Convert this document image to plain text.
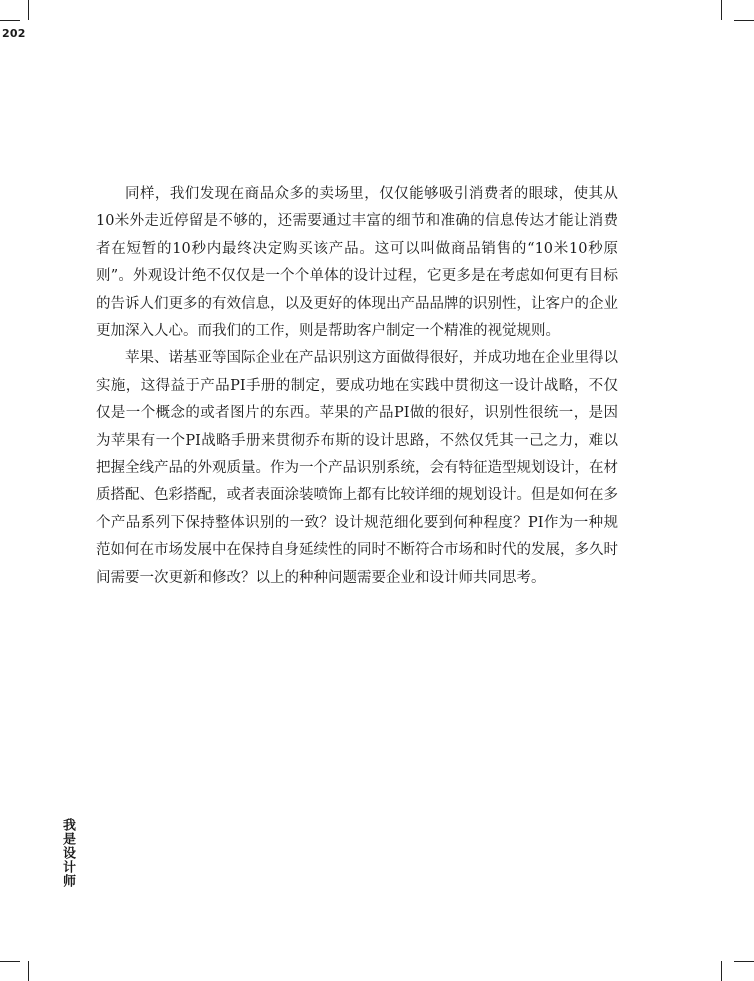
202

同样，我们发现在商品众多的卖场里，仅仅能够吸引消费者的眼球，使其从10米外走近停留是不够的，还需要通过丰富的细节和准确的信息传达才能让消费者在短暂的10秒内最终决定购买该产品。这可以叫做商品销售的“10米10秒原则”。外观设计绝不仅仅是一个个单体的设计过程，它更多是在考虑如何更有目标的告诉人们更多的有效信息，以及更好的体现出产品品牌的识别性，让客户的企业更加深入人心。而我们的工作，则是帮助客户制定一个精准的视觉规则。

苹果、诺基亚等国际企业在产品识别这方面做得很好，并成功地在企业里得以实施，这得益于产品PI手册的制定，要成功地在实践中贯彻这一设计战略，不仅仅是一个概念的或者图片的东西。苹果的产品PI做的很好，识别性很统一，是因为苹果有一个PI战略手册来贯彻乔布斯的设计思路，不然仅凭其一己之力，难以把握全线产品的外观质量。作为一个产品识别系统，会有特征造型规划设计，在材质搭配、色彩搭配，或者表面涂装喷饰上都有比较详细的规划设计。但是如何在多个产品系列下保持整体识别的一致？设计规范细化要到何种程度？PI作为一种规范如何在市场发展中在保持自身延续性的同时不断符合市场和时代的发展，多久时间需要一次更新和修改？以上的种种问题需要企业和设计师共同思考。

我是设计师
